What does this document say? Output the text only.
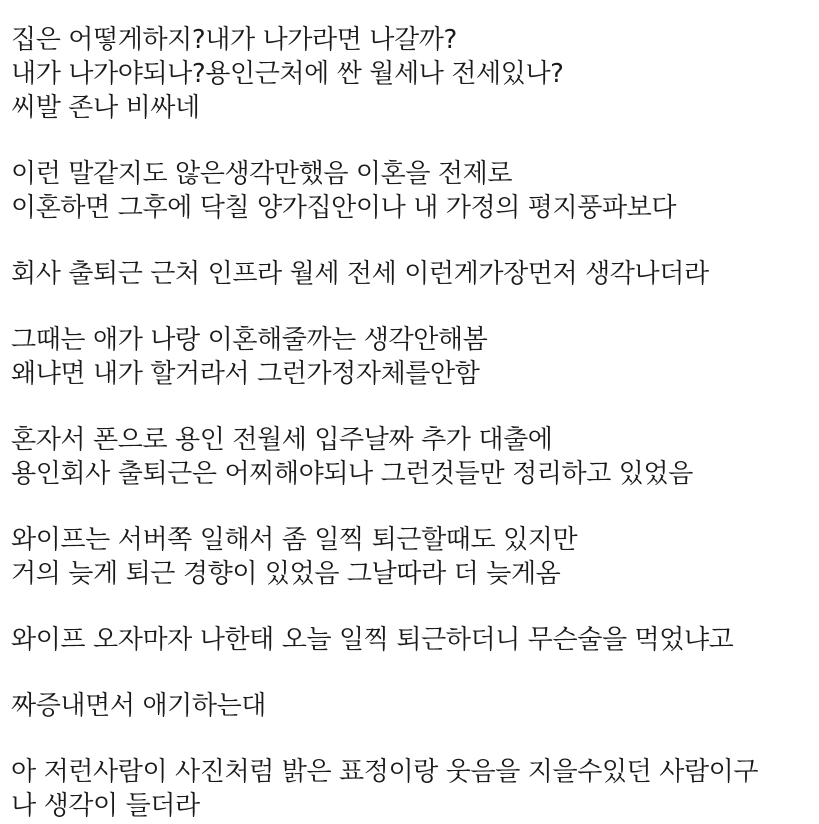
집은 어떻게하지?내가 나가라면 나갈까?
내가 나가야되나?용인근처에 싼 월세나 전세있나?
씨발 존나 비싸네

이런 말같지도 않은생각만했음 이혼을 전제로
이혼하면 그후에 닥칠 양가집안이나 내 가정의 평지풍파보다

회사 출퇴근 근처 인프라 월세 전세 이런게가장먼저 생각나더라

그때는 애가 나랑 이혼해줄까는 생각안해봄
왜냐면 내가 할거라서 그런가정자체를안함

혼자서 폰으로 용인 전월세 입주날짜 추가 대출에
용인회사 출퇴근은 어찌해야되나 그런것들만 정리하고 있었음

와이프는 서버쪽 일해서 좀 일찍 퇴근할때도 있지만
거의 늦게 퇴근 경향이 있었음 그날따라 더 늦게옴

와이프 오자마자 나한태 오늘 일찍 퇴근하더니 무슨술을 먹었냐고

짜증내면서 애기하는대

아 저런사람이 사진처럼 밝은 표정이랑 웃음을 지을수있던 사람이구
나 생각이 들더라
